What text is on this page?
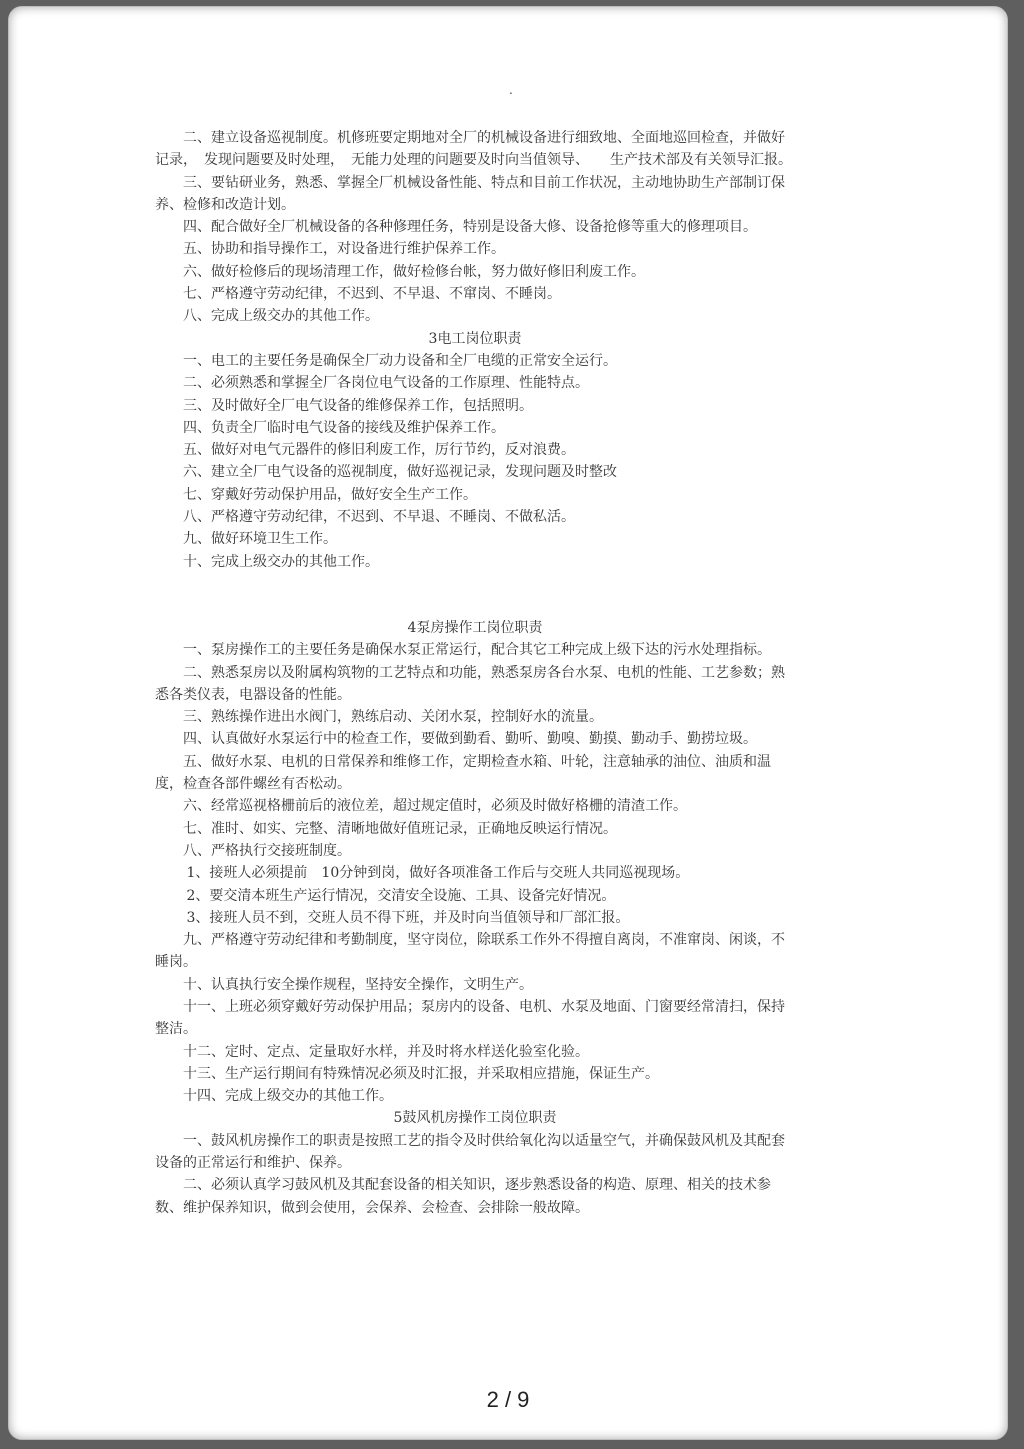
.

二、建立设备巡视制度。机修班要定期地对全厂的机械设备进行细致地、全面地巡回检查，并做好记录，　发现问题要及时处理，　无能力处理的问题要及时向当值领导、　　生产技术部及有关领导汇报。

三、要钻研业务，熟悉、掌握全厂机械设备性能、特点和目前工作状况，主动地协助生产部制订保养、检修和改造计划。

四、配合做好全厂机械设备的各种修理任务，特别是设备大修、设备抢修等重大的修理项目。

五、协助和指导操作工，对设备进行维护保养工作。

六、做好检修后的现场清理工作，做好检修台帐，努力做好修旧利废工作。

七、严格遵守劳动纪律，不迟到、不早退、不窜岗、不睡岗。

八、完成上级交办的其他工作。

3电工岗位职责

一、电工的主要任务是确保全厂动力设备和全厂电缆的正常安全运行。

二、必须熟悉和掌握全厂各岗位电气设备的工作原理、性能特点。

三、及时做好全厂电气设备的维修保养工作，包括照明。

四、负责全厂临时电气设备的接线及维护保养工作。

五、做好对电气元器件的修旧利废工作，厉行节约，反对浪费。

六、建立全厂电气设备的巡视制度，做好巡视记录，发现问题及时整改

七、穿戴好劳动保护用品，做好安全生产工作。

八、严格遵守劳动纪律，不迟到、不早退、不睡岗、不做私活。

九、做好环境卫生工作。

十、完成上级交办的其他工作。

4泵房操作工岗位职责

一、泵房操作工的主要任务是确保水泵正常运行，配合其它工种完成上级下达的污水处理指标。

二、熟悉泵房以及附属构筑物的工艺特点和功能，熟悉泵房各台水泵、电机的性能、工艺参数；熟悉各类仪表，电器设备的性能。

三、熟练操作进出水阀门，熟练启动、关闭水泵，控制好水的流量。

四、认真做好水泵运行中的检查工作，要做到勤看、勤听、勤嗅、勤摸、勤动手、勤捞垃圾。

五、做好水泵、电机的日常保养和维修工作，定期检查水箱、叶轮，注意轴承的油位、油质和温度，检查各部件螺丝有否松动。

六、经常巡视格栅前后的液位差，超过规定值时，必须及时做好格栅的清渣工作。

七、准时、如实、完整、清晰地做好值班记录，正确地反映运行情况。

八、严格执行交接班制度。

1、接班人必须提前　10分钟到岗，做好各项准备工作后与交班人共同巡视现场。

2、要交清本班生产运行情况，交清安全设施、工具、设备完好情况。

3、接班人员不到，交班人员不得下班，并及时向当值领导和厂部汇报。

九、严格遵守劳动纪律和考勤制度，坚守岗位，除联系工作外不得擅自离岗，不准窜岗、闲谈，不睡岗。

十、认真执行安全操作规程，坚持安全操作，文明生产。

十一、上班必须穿戴好劳动保护用品；泵房内的设备、电机、水泵及地面、门窗要经常清扫，保持整洁。

十二、定时、定点、定量取好水样，并及时将水样送化验室化验。

十三、生产运行期间有特殊情况必须及时汇报，并采取相应措施，保证生产。

十四、完成上级交办的其他工作。

5鼓风机房操作工岗位职责

一、鼓风机房操作工的职责是按照工艺的指令及时供给氧化沟以适量空气，并确保鼓风机及其配套设备的正常运行和维护、保养。

二、必须认真学习鼓风机及其配套设备的相关知识，逐步熟悉设备的构造、原理、相关的技术参数、维护保养知识，做到会使用，会保养、会检查、会排除一般故障。

2 / 9
